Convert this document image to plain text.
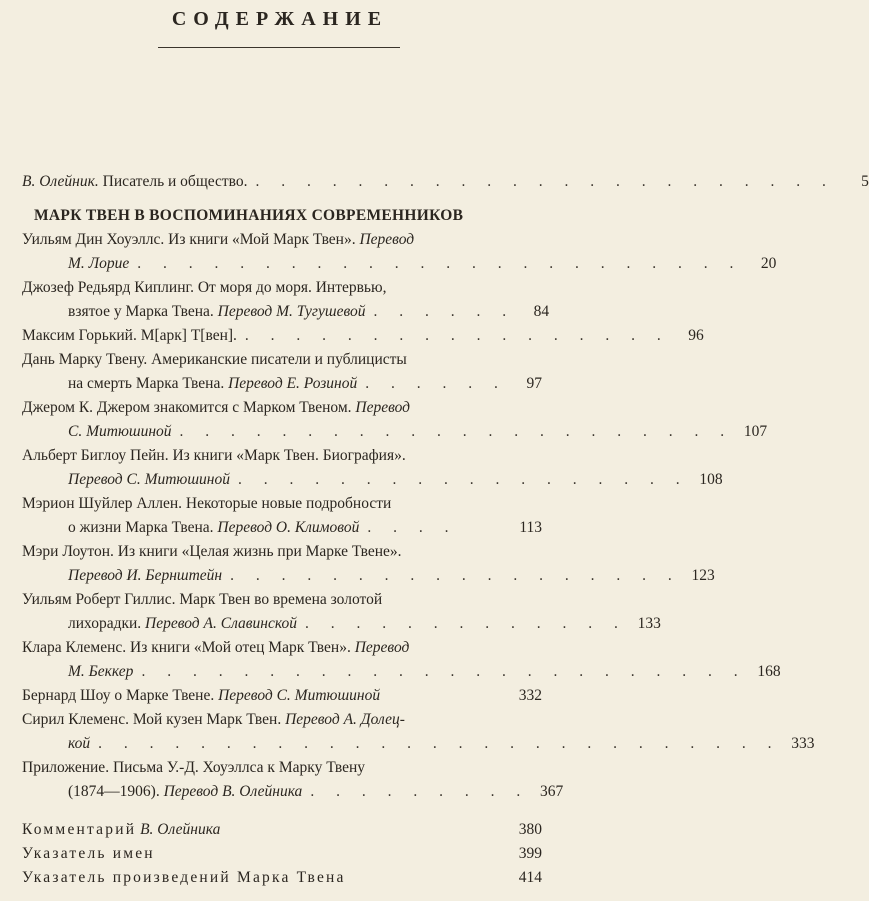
СОДЕРЖАНИЕ
В. Олейник. Писатель и общество. . . . . . . . . . . . . . . . . . . . . . . .	5
МАРК ТВЕН В ВОСПОМИНАНИЯХ СОВРЕМЕННИКОВ
Уильям Дин Хоуэллс. Из книги «Мой Марк Твен». Перевод
М. Лорие . . . . . . . . . . . . . . . . . . . . . . . .	20
Джозеф Редьярд Киплинг. От моря до моря. Интервью,
взятое у Марка Твена. Перевод М. Тугушевой . . . . . .	84
Максим Горький. М[арк] Т[вен]. . . . . . . . . . . . . . . . . .	96
Дань Марку Твену. Американские писатели и публицисты
на смерть Марка Твена. Перевод Е. Розиной . . . . . .	97
Джером К. Джером знакомится с Марком Твеном. Перевод
С. Митюшиной . . . . . . . . . . . . . . . . . . . . . . 107
Альберт Биглоу Пейн. Из книги «Марк Твен. Биография».
Перевод С. Митюшиной . . . . . . . . . . . . . . . . . . 108
Мэрион Шуйлер Аллен. Некоторые новые подробности
о жизни Марка Твена. Перевод О. Климовой . . . .	113
Мэри Лоутон. Из книги «Целая жизнь при Марке Твене».
Перевод И. Бернштейн . . . . . . . . . . . . . . . . . . 123
Уильям Роберт Гиллис. Марк Твен во времена золотой
лихорадки. Перевод А. Славинской . . . . . . . . . . . . . 133
Клара Клеменс. Из книги «Мой отец Марк Твен». Перевод
М. Беккер . . . . . . . . . . . . . . . . . . . . . . . . 168
Бернард Шоу о Марке Твене. Перевод С. Митюшиной	332
Сирил Клеменс. Мой кузен Марк Твен. Перевод А. Долец-
кой . . . . . . . . . . . . . . . . . . . . . . . . . . . 333
Приложение. Письма У.-Д. Хоуэллса к Марку Твену
(1874—1906). Перевод В. Олейника . . . . . . . . . 367
Комментарий В. Олейника	380
Указатель имен	399
Указатель произведений Марка Твена	414
